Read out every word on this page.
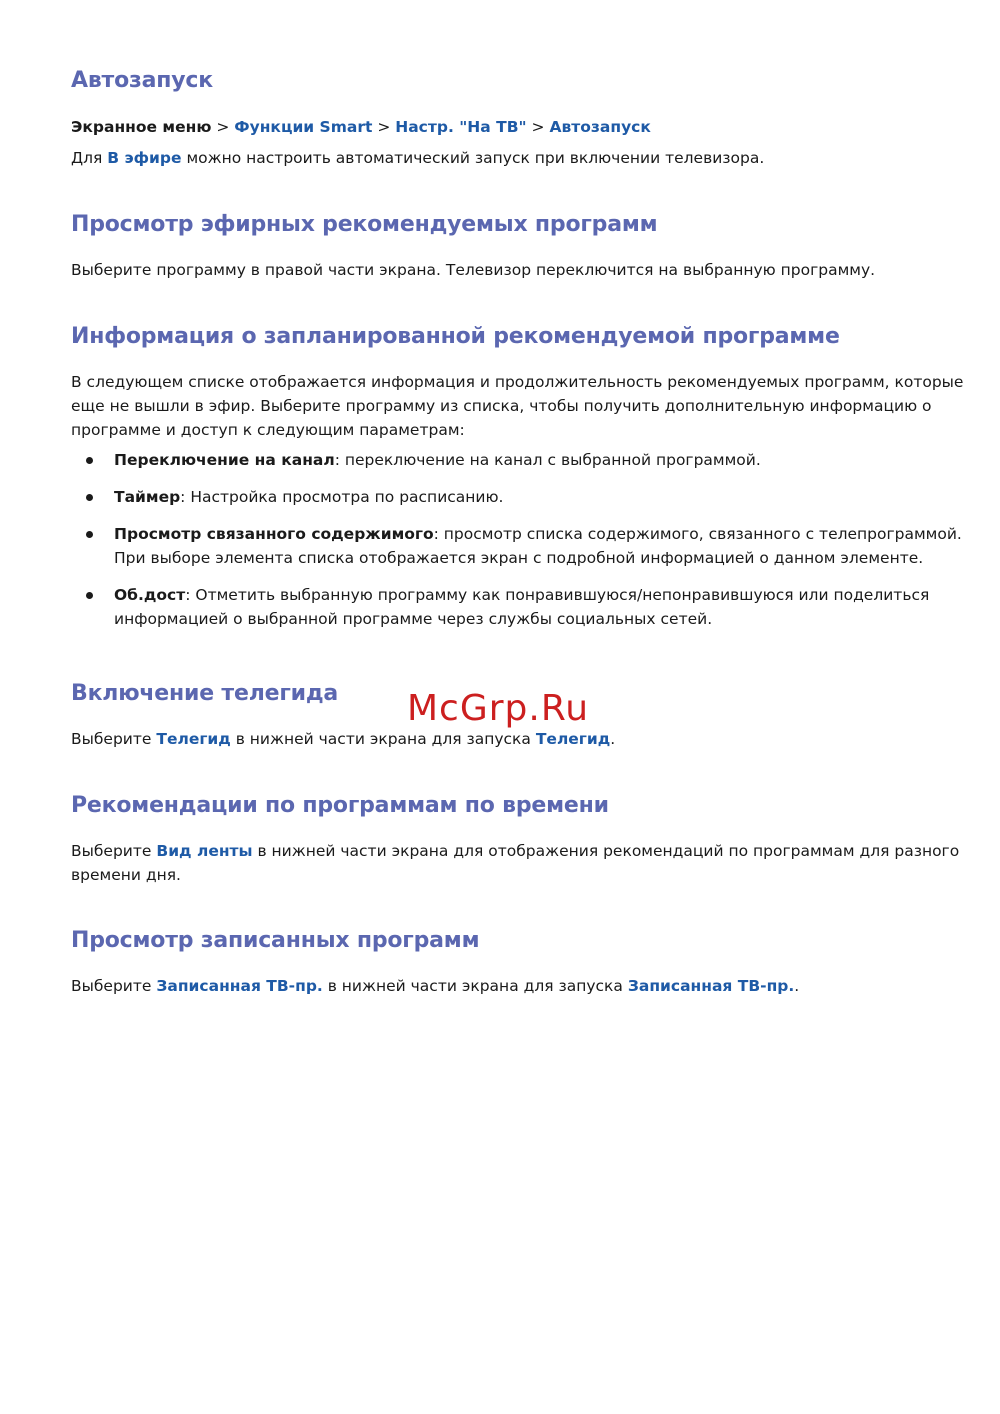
Автозапуск

Экранное меню > Функции Smart > Настр. "На ТВ" > Автозапуск

Для В эфире можно настроить автоматический запуск при включении телевизора.

Просмотр эфирных рекомендуемых программ

Выберите программу в правой части экрана. Телевизор переключится на выбранную программу.

Информация о запланированной рекомендуемой программе

В следующем списке отображается информация и продолжительность рекомендуемых программ, которые

еще не вышли в эфир. Выберите программу из списка, чтобы получить дополнительную информацию о

программе и доступ к следующим параметрам:

Переключение на канал: переключение на канал с выбранной программой.
Таймер: Настройка просмотра по расписанию.
Просмотр связанного содержимого: просмотр списка содержимого, связанного с телепрограммой.
При выборе элемента списка отображается экран с подробной информацией о данном элементе.
Об.дост: Отметить выбранную программу как понравившуюся/непонравившуюся или поделиться
информацией о выбранной программе через службы социальных сетей.
Включение телегида

Выберите Телегид в нижней части экрана для запуска Телегид.

Рекомендации по программам по времени

Выберите Вид ленты в нижней части экрана для отображения рекомендаций по программам для разного

времени дня.

Просмотр записанных программ

Выберите Записанная ТВ-пр. в нижней части экрана для запуска Записанная ТВ-пр..

McGrp.Ru
